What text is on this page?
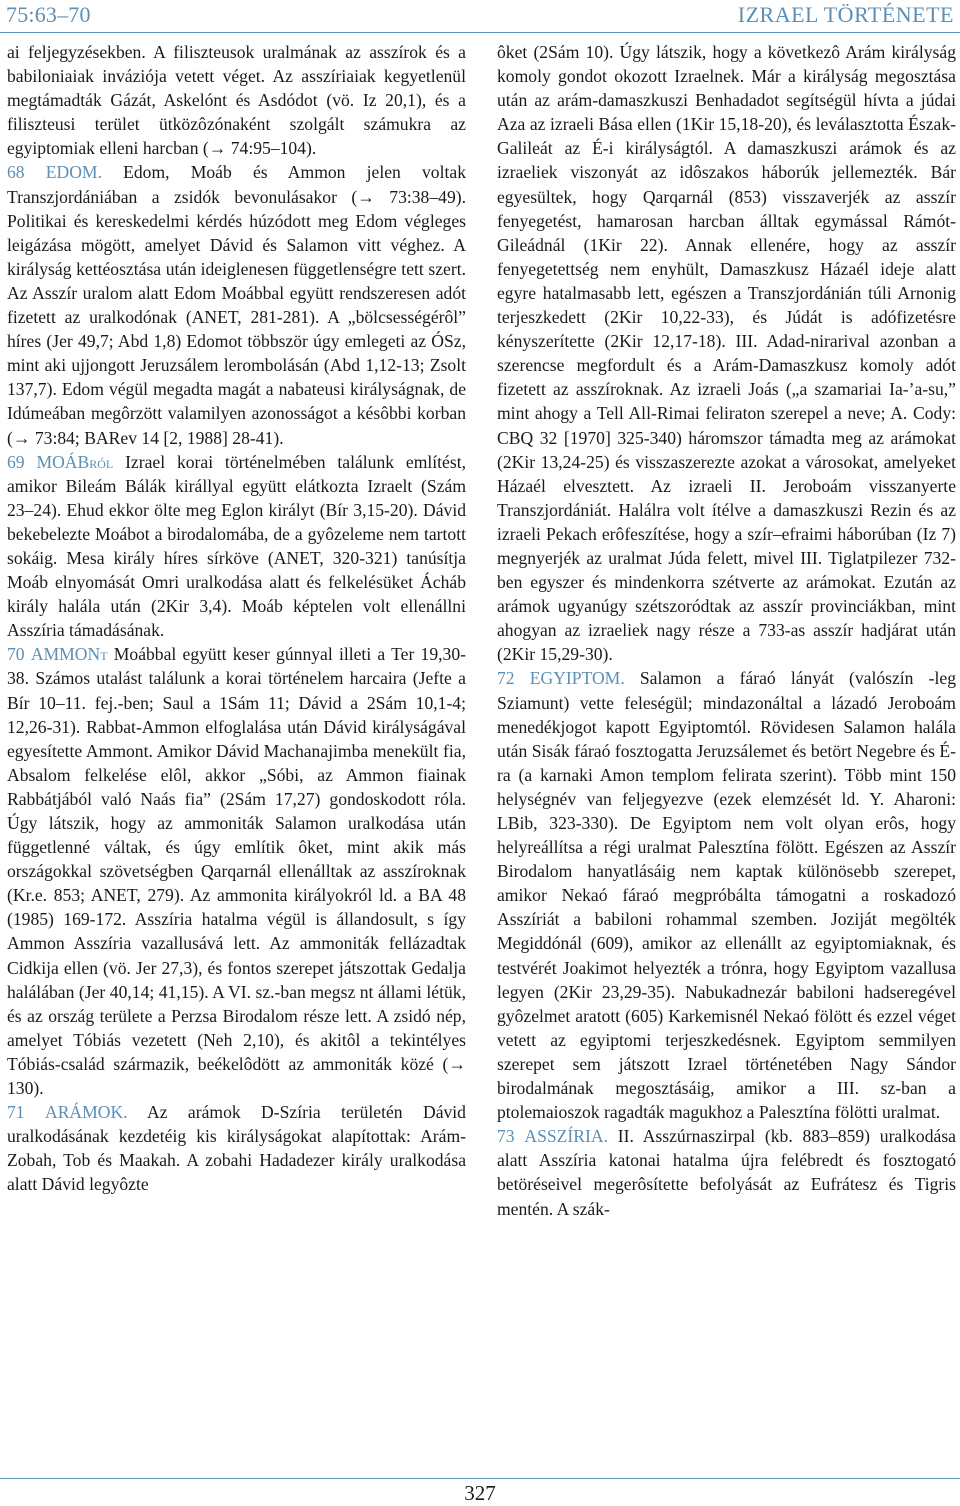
75:63–70	IZRAEL TÖRTÉNETE

ai feljegyzésekben. A filiszteusok uralmának az asszírok és a babiloniaiak inváziója vetett véget. Az asszíriaiak kegyetlenül megtámadták Gázát, Askelónt és Asdódot (vö. Iz 20,1), és a filiszteusi terület ütközôzónaként szolgált számukra az egyiptomiak elleni harcban (→ 74:95–104).

68 EDOM. Edom, Moáb és Ammon jelen voltak Transzjordániában a zsidók bevonulásakor (→ 73:38–49). Politikai és kereskedelmi kérdés húzódott meg Edom végleges leigázása mögött, amelyet Dávid és Salamon vitt véghez. A királyság kettéosztása után ideiglenesen függetlenségre tett szert. Az Asszír uralom alatt Edom Moábbal együtt rendszeresen adót fizetett az uralkodónak (ANET, 281-281). A „bölcsességérôl” híres (Jer 49,7; Abd 1,8) Edomot többször úgy emlegeti az ÓSz, mint aki ujjongott Jeruzsálem lerombolásán (Abd 1,12-13; Zsolt 137,7). Edom végül megadta magát a nabateusi királyságnak, de Idúmeában megôrzött valamilyen azonosságot a késôbbi korban (→ 73:84; BARev 14 [2, 1988] 28-41).

69 MOÁBról Izrael korai történelmében találunk említést, amikor Bileám Bálák királlyal együtt elátkozta Izraelt (Szám 23–24). Ehud ekkor ölte meg Eglon királyt (Bír 3,15-20). Dávid bekebelezte Moábot a birodalomába, de a gyôzeleme nem tartott sokáig. Mesa király híres sírköve (ANET, 320-321) tanúsítja Moáb elnyomását Omri uralkodása alatt és felkelésüket Ácháb király halála után (2Kir 3,4). Moáb képtelen volt ellenállni Asszíria támadásának.

70 AMMONt Moábbal együtt keser gúnnyal illeti a Ter 19,30-38. Számos utalást találunk a korai történelem harcaira (Jefte a Bír 10–11. fej.-ben; Saul a 1Sám 11; Dávid a 2Sám 10,1-4; 12,26-31). Rabbat-Ammon elfoglalása után Dávid királyságával egyesítette Ammont. Amikor Dávid Machanajimba menekült fia, Absalom felkelése elôl, akkor „Sóbi, az Ammon fiainak Rabbátjából való Naás fia” (2Sám 17,27) gondoskodott róla. Úgy látszik, hogy az ammoniták Salamon uralkodása után függetlenné váltak, és úgy említik ôket, mint akik más országokkal szövetségben Qarqarnál ellenálltak az asszíroknak (Kr.e. 853; ANET, 279). Az ammonita királyokról ld. a BA 48 (1985) 169-172. Asszíria hatalma végül is állandosult, s így Ammon Asszíria vazallusává lett. Az ammoniták fellázadtak Cidkija ellen (vö. Jer 27,3), és fontos szerepet játszottak Gedalja halálában (Jer 40,14; 41,15). A VI. sz.-ban megsz nt állami létük, és az ország területe a Perzsa Birodalom része lett. A zsidó nép, amelyet Tóbiás vezetett (Neh 2,10), és akitôl a tekintélyes Tóbiás-család származik, beékelôdött az ammoniták közé (→ 130).

71 ARÁMOK. Az arámok D-Szíria területén Dávid uralkodásának kezdetéig kis királyságokat alapítottak: Arám-Zobah, Tob és Maakah. A zobahi Hadadezer király uralkodása alatt Dávid legyôzte

ôket (2Sám 10). Úgy látszik, hogy a következô Arám királyság komoly gondot okozott Izraelnek. Már a királyság megosztása után az arám-damaszkuszi Benhadadot segítségül hívta a júdai Aza az izraeli Bása ellen (1Kir 15,18-20), és leválasztotta Észak-Galileát az É-i királyságtól. A damaszkuszi arámok és az izraeliek viszonyát az idôszakos háborúk jellemezték. Bár egyesültek, hogy Qarqarnál (853) visszaverjék az asszír fenyegetést, hamarosan harcban álltak egymással Rámót-Gileádnál (1Kir 22). Annak ellenére, hogy az asszír fenyegetettség nem enyhült, Damaszkusz Házaél ideje alatt egyre hatalmasabb lett, egészen a Transzjordánián túli Arnonig terjeszkedett (2Kir 10,22-33), és Júdát is adófizetésre kényszerítette (2Kir 12,17-18). III. Adad-nirarival azonban a szerencse megfordult és a Arám-Damaszkusz komoly adót fizetett az asszíroknak. Az izraeli Joás („a szamariai Ia-’a-su,” mint ahogy a Tell All-Rimai feliraton szerepel a neve; A. Cody: CBQ 32 [1970] 325-340) háromszor támadta meg az arámokat (2Kir 13,24-25) és visszaszerezte azokat a városokat, amelyeket Házaél elvesztett. Az izraeli II. Jeroboám visszanyerte Transzjordániát. Halálra volt ítélve a damaszkuszi Rezin és az izraeli Pekach erôfeszítése, hogy a szír–efraimi háborúban (Iz 7) megnyerjék az uralmat Júda felett, mivel III. Tiglatpilezer 732-ben egyszer és mindenkorra szétverte az arámokat. Ezután az arámok ugyanúgy szétszoródtak az asszír provinciákban, mint ahogyan az izraeliek nagy része a 733-as asszír hadjárat után (2Kir 15,29-30).

72 EGYIPTOM. Salamon a fáraó lányát (valószín -leg Sziamunt) vette feleségül; mindazonáltal a lázadó Jeroboám menedékjogot kapott Egyiptomtól. Rövidesen Salamon halála után Sisák fáraó fosztogatta Jeruzsálemet és betört Negebre és É-ra (a karnaki Amon templom felirata szerint). Több mint 150 helységnév van feljegyezve (ezek elemzését ld. Y. Aharoni: LBib, 323-330). De Egyiptom nem volt olyan erôs, hogy helyreállítsa a régi uralmat Palesztína fölött. Egészen az Asszír Birodalom hanyatlásáig nem kaptak különösebb szerepet, amikor Nekaó fáraó megpróbálta támogatni a roskadozó Asszíriát a babiloni rohammal szemben. Joziját megölték Megiddónál (609), amikor az ellenállt az egyiptomiaknak, és testvérét Joakimot helyezték a trónra, hogy Egyiptom vazallusa legyen (2Kir 23,29-35). Nabukadnezár babiloni hadseregével gyôzelmet aratott (605) Karkemisnél Nekaó fölött és ezzel véget vetett az egyiptomi terjeszkedésnek. Egyiptom semmilyen szerepet sem játszott Izrael történetében Nagy Sándor birodalmának megosztásáig, amikor a III. sz-ban a ptolemaioszok ragadták magukhoz a Palesztína fölötti uralmat.

73 ASSZÍRIA. II. Asszúrnaszirpal (kb. 883–859) uralkodása alatt Asszíria katonai hatalma újra felébredt és fosztogató betöréseivel megerôsítette befolyását az Eufrátesz és Tigris mentén. A szák-

327
